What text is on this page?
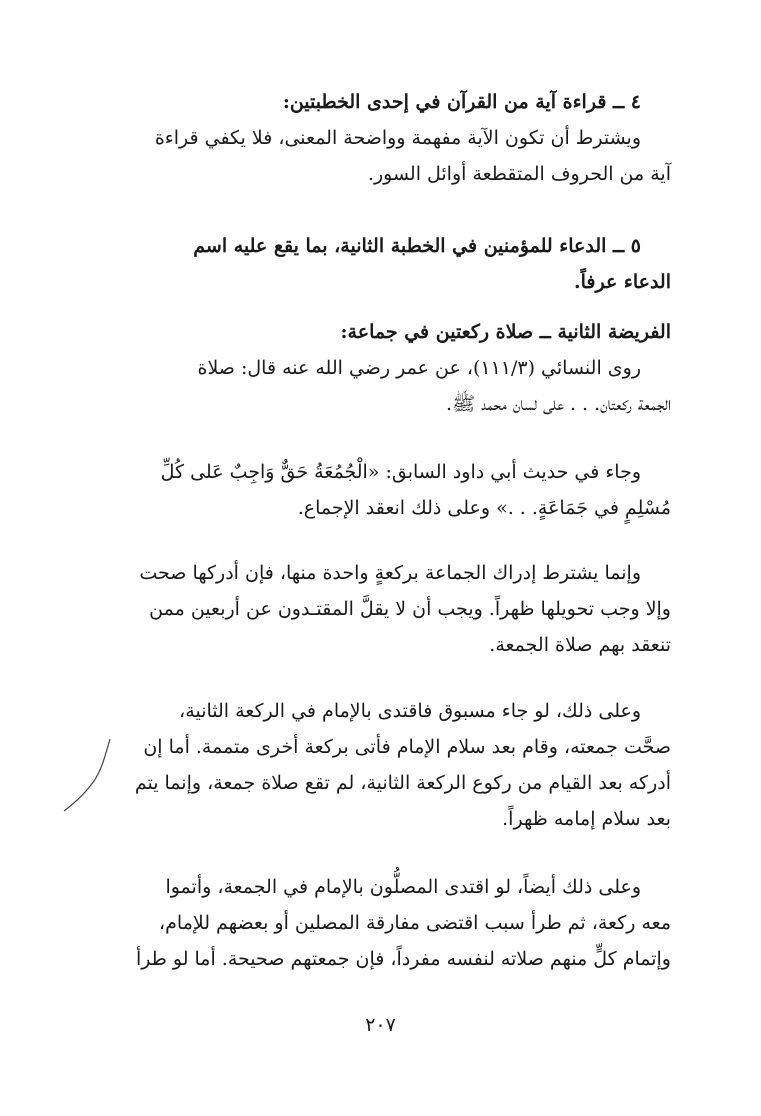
٤ ــ قراءة آية من القرآن في إحدى الخطبتين:
ويشترط أن تكون الآية مفهمة وواضحة المعنى، فلا يكفي قراءة
آية من الحروف المتقطعة أوائل السور.
٥ ــ الدعاء للمؤمنين في الخطبة الثانية، بما يقع عليه اسم
الدعاء عرفاً.
الفريضة الثانية ــ صلاة ركعتين في جماعة:
روى النسائي (١١١/٣)، عن عمر رضي الله عنه قال: صلاة
الجمعة ركعتان. . . على لسان محمد ﷺ.
وجاء في حديث أبي داود السابق: «الْجُمُعَةُ حَقٌّ وَاجِبٌ عَلى كُلِّ
مُسْلِمٍ في جَمَاعَةٍ. . .» وعلى ذلك انعقد الإجماع.
وإنما يشترط إدراك الجماعة بركعةٍ واحدة منها، فإن أدركها صحت
وإلا وجب تحويلها ظهراً. ويجب أن لا يقلَّ المقتـدون عن أربعين ممن
تنعقد بهم صلاة الجمعة.
وعلى ذلك، لو جاء مسبوق فاقتدى بالإمام في الركعة الثانية،
صحَّت جمعته، وقام بعد سلام الإمام فأتى بركعة أخرى متممة. أما إن
أدركه بعد القيام من ركوع الركعة الثانية، لم تقع صلاة جمعة، وإنما يتم
بعد سلام إمامه ظهراً.
وعلى ذلك أيضاً، لو اقتدى المصلُّون بالإمام في الجمعة، وأتموا
معه ركعة، ثم طرأ سبب اقتضى مفارقة المصلين أو بعضهم للإمام،
وإتمام كلٍّ منهم صلاته لنفسه مفرداً، فإن جمعتهم صحيحة. أما لو طرأ
٢٠٧
